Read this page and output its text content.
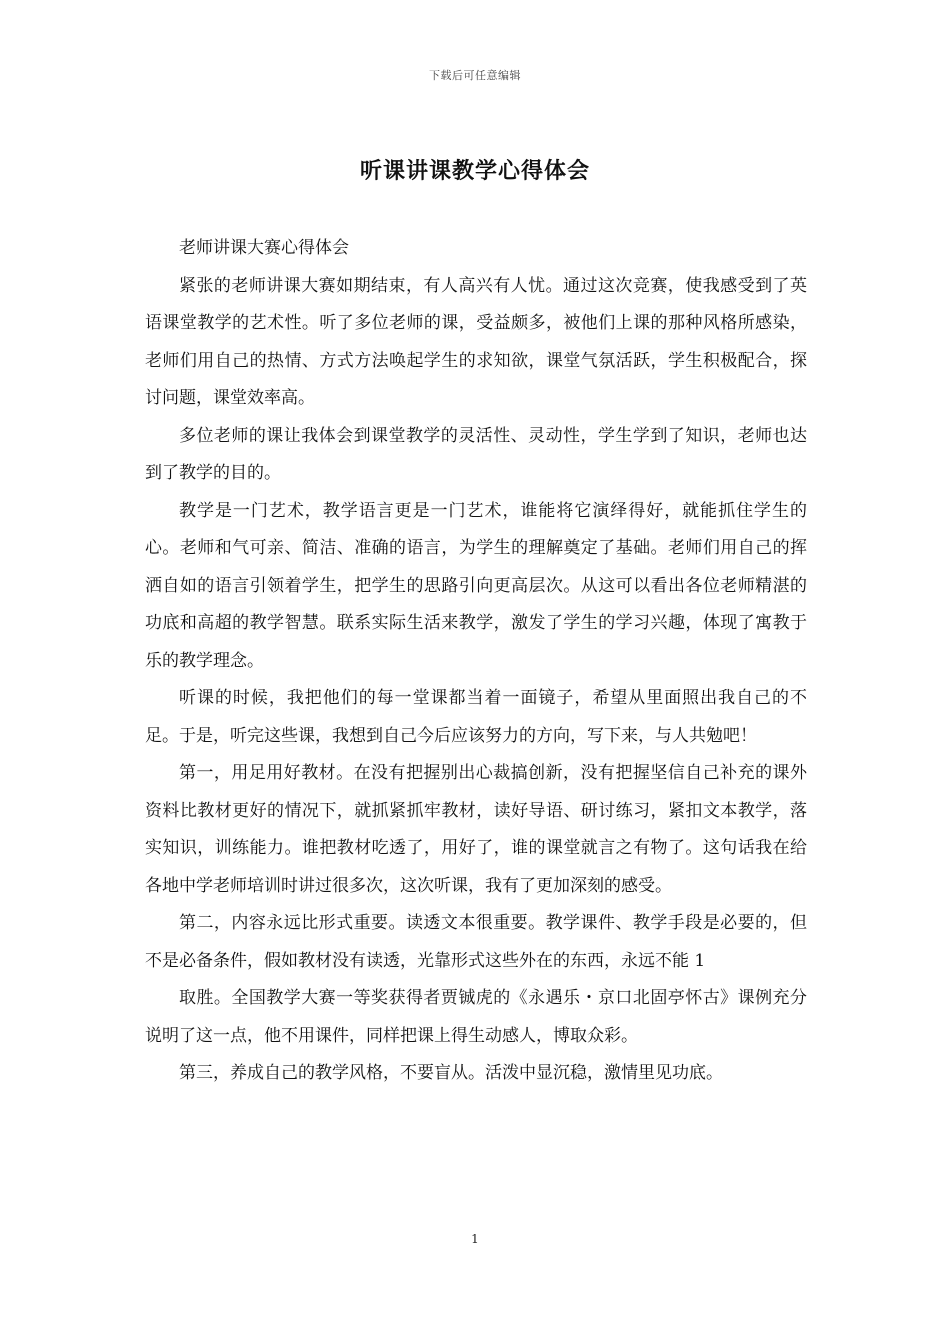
下载后可任意编辑
听课讲课教学心得体会

老师讲课大赛心得体会

紧张的老师讲课大赛如期结束，有人高兴有人忧。通过这次竞赛，使我感受到了英语课堂教学的艺术性。听了多位老师的课，受益颇多，被他们上课的那种风格所感染，老师们用自己的热情、方式方法唤起学生的求知欲，课堂气氛活跃，学生积极配合，探讨问题，课堂效率高。

多位老师的课让我体会到课堂教学的灵活性、灵动性，学生学到了知识，老师也达到了教学的目的。

教学是一门艺术，教学语言更是一门艺术，谁能将它演绎得好，就能抓住学生的心。老师和气可亲、简洁、准确的语言，为学生的理解奠定了基础。老师们用自己的挥洒自如的语言引领着学生，把学生的思路引向更高层次。从这可以看出各位老师精湛的功底和高超的教学智慧。联系实际生活来教学，激发了学生的学习兴趣，体现了寓教于乐的教学理念。

听课的时候，我把他们的每一堂课都当着一面镜子，希望从里面照出我自己的不足。于是，听完这些课，我想到自己今后应该努力的方向，写下来，与人共勉吧！

第一，用足用好教材。在没有把握别出心裁搞创新，没有把握坚信自己补充的课外资料比教材更好的情况下，就抓紧抓牢教材，读好导语、研讨练习，紧扣文本教学，落实知识，训练能力。谁把教材吃透了，用好了，谁的课堂就言之有物了。这句话我在给各地中学老师培训时讲过很多次，这次听课，我有了更加深刻的感受。

第二，内容永远比形式重要。读透文本很重要。教学课件、教学手段是必要的，但不是必备条件，假如教材没有读透，光靠形式这些外在的东西，永远不能 1

取胜。全国教学大赛一等奖获得者贾铖虎的《永遇乐・京口北固亭怀古》课例充分说明了这一点，他不用课件，同样把课上得生动感人，博取众彩。

第三，养成自己的教学风格，不要盲从。活泼中显沉稳，激情里见功底。

1
